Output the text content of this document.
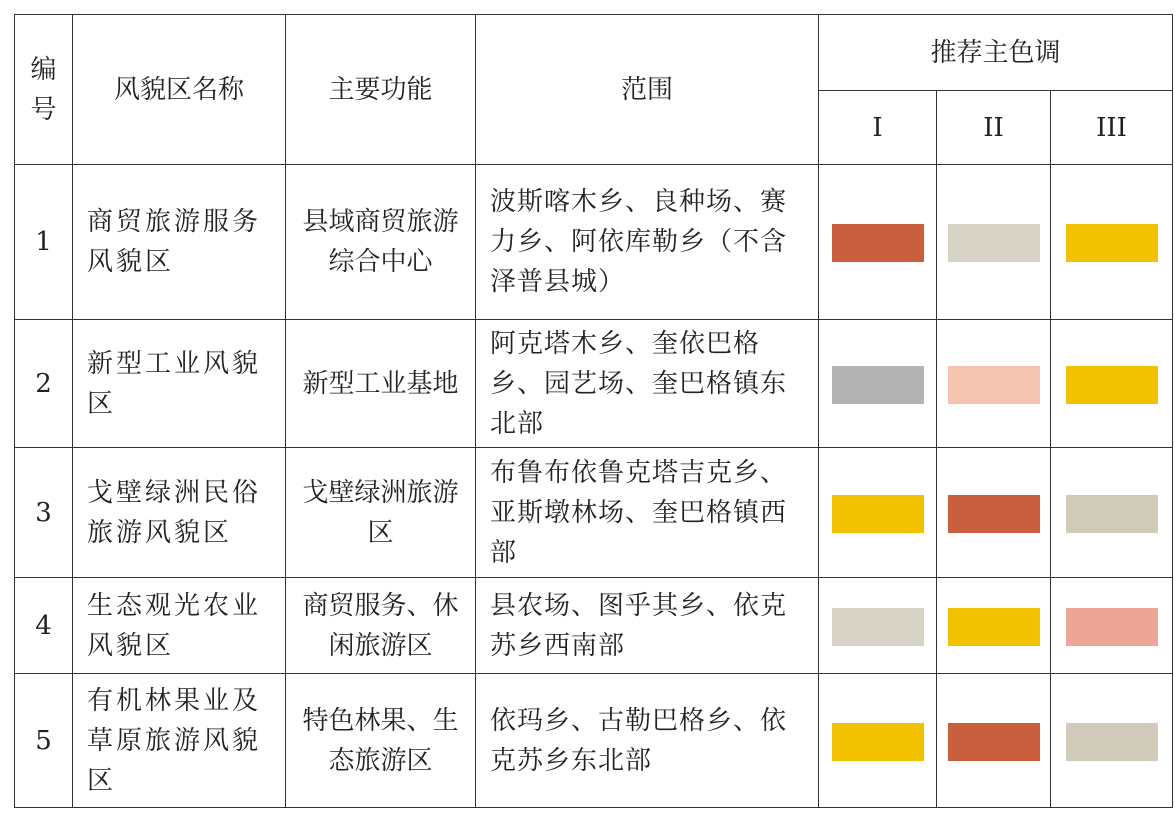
编号	风貌区名称	主要功能	范围	推荐主色调		
				I	II	III
1	商贸旅游服务风貌区	县域商贸旅游综合中心	波斯喀木乡、良种场、赛力乡、阿依库勒乡（不含泽普县城）			
2	新型工业风貌区	新型工业基地	阿克塔木乡、奎依巴格乡、园艺场、奎巴格镇东北部			
3	戈壁绿洲民俗旅游风貌区	戈壁绿洲旅游区	布鲁布依鲁克塔吉克乡、亚斯墩林场、奎巴格镇西部			
4	生态观光农业风貌区	商贸服务、休闲旅游区	县农场、图乎其乡、依克苏乡西南部			
5	有机林果业及草原旅游风貌区	特色林果、生态旅游区	依玛乡、古勒巴格乡、依克苏乡东北部			
